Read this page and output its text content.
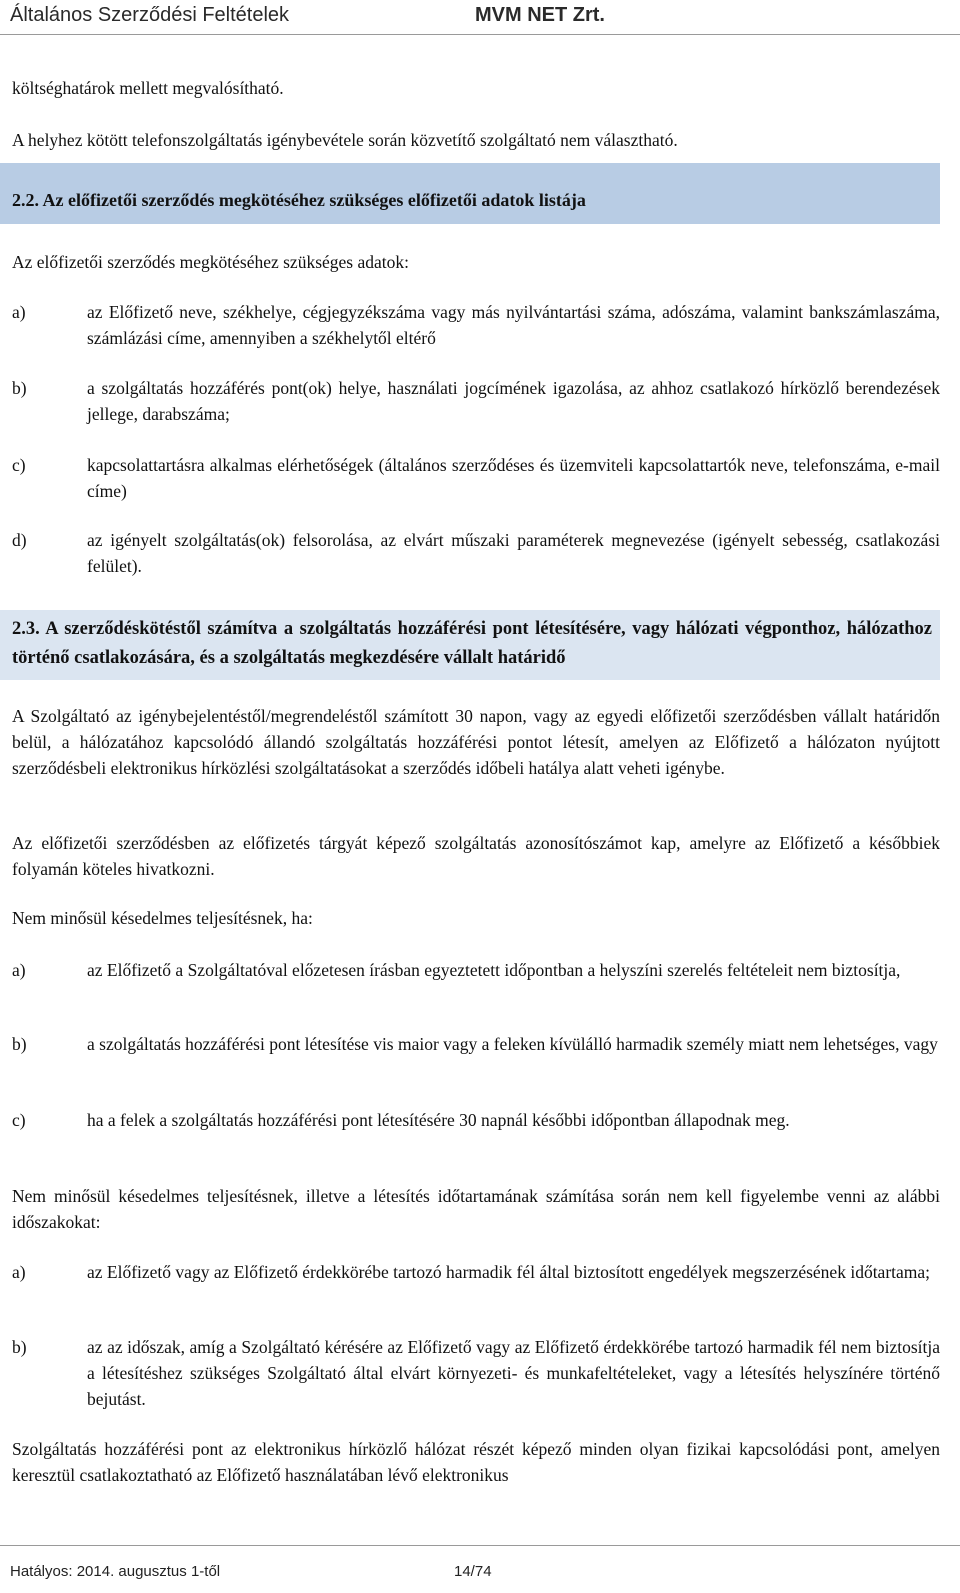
Általános Szerződési Feltételek	MVM NET Zrt.
költséghatárok mellett megvalósítható.
A helyhez kötött telefonszolgáltatás igénybevétele során közvetítő szolgáltató nem választható.
2.2. Az előfizetői szerződés megkötéséhez szükséges előfizetői adatok listája
Az előfizetői szerződés megkötéséhez szükséges adatok:
a)	az Előfizető neve, székhelye, cégjegyzékszáma vagy más nyilvántartási száma, adószáma, valamint bankszámlaszáma, számlázási címe, amennyiben a székhelytől eltérő
b)	a szolgáltatás hozzáférés pont(ok) helye, használati jogcímének igazolása, az ahhoz csatlakozó hírközlő berendezések jellege, darabszáma;
c)	kapcsolattartásra alkalmas elérhetőségek (általános szerződéses és üzemviteli kapcsolattartók neve, telefonszáma, e-mail címe)
d)	az igényelt szolgáltatás(ok) felsorolása, az elvárt műszaki paraméterek megnevezése (igényelt sebesség, csatlakozási felület).
2.3. A szerződéskötéstől számítva a szolgáltatás hozzáférési pont létesítésére, vagy hálózati végponthoz, hálózathoz történő csatlakozására, és a szolgáltatás megkezdésére vállalt határidő
A Szolgáltató az igénybejelentéstől/megrendeléstől számított 30 napon, vagy az egyedi előfizetői szerződésben vállalt határidőn belül, a hálózatához kapcsolódó állandó szolgáltatás hozzáférési pontot létesít, amelyen az Előfizető a hálózaton nyújtott szerződésbeli elektronikus hírközlési szolgáltatásokat a szerződés időbeli hatálya alatt veheti igénybe.
Az előfizetői szerződésben az előfizetés tárgyát képező szolgáltatás azonosítószámot kap, amelyre az Előfizető a későbbiek folyamán köteles hivatkozni.
Nem minősül késedelmes teljesítésnek, ha:
a)	az Előfizető a Szolgáltatóval előzetesen írásban egyeztetett időpontban a helyszíni szerelés feltételeit nem biztosítja,
b)	a szolgáltatás hozzáférési pont létesítése vis maior vagy a feleken kívülálló harmadik személy miatt nem lehetséges, vagy
c)	ha a felek a szolgáltatás hozzáférési pont létesítésére 30 napnál későbbi időpontban állapodnak meg.
Nem minősül késedelmes teljesítésnek, illetve a létesítés időtartamának számítása során nem kell figyelembe venni az alábbi időszakokat:
a)	az Előfizető vagy az Előfizető érdekkörébe tartozó harmadik fél által biztosított engedélyek megszerzésének időtartama;
b)	az az időszak, amíg a Szolgáltató kérésére az Előfizető vagy az Előfizető érdekkörébe tartozó harmadik fél nem biztosítja a létesítéshez szükséges Szolgáltató által elvárt környezeti- és munkafeltételeket, vagy a létesítés helyszínére történő bejutást.
Szolgáltatás hozzáférési pont az elektronikus hírközlő hálózat részét képező minden olyan fizikai kapcsolódási pont, amelyen keresztül csatlakoztatható az Előfizető használatában lévő elektronikus
Hatályos: 2014. augusztus 1-től	14/74
